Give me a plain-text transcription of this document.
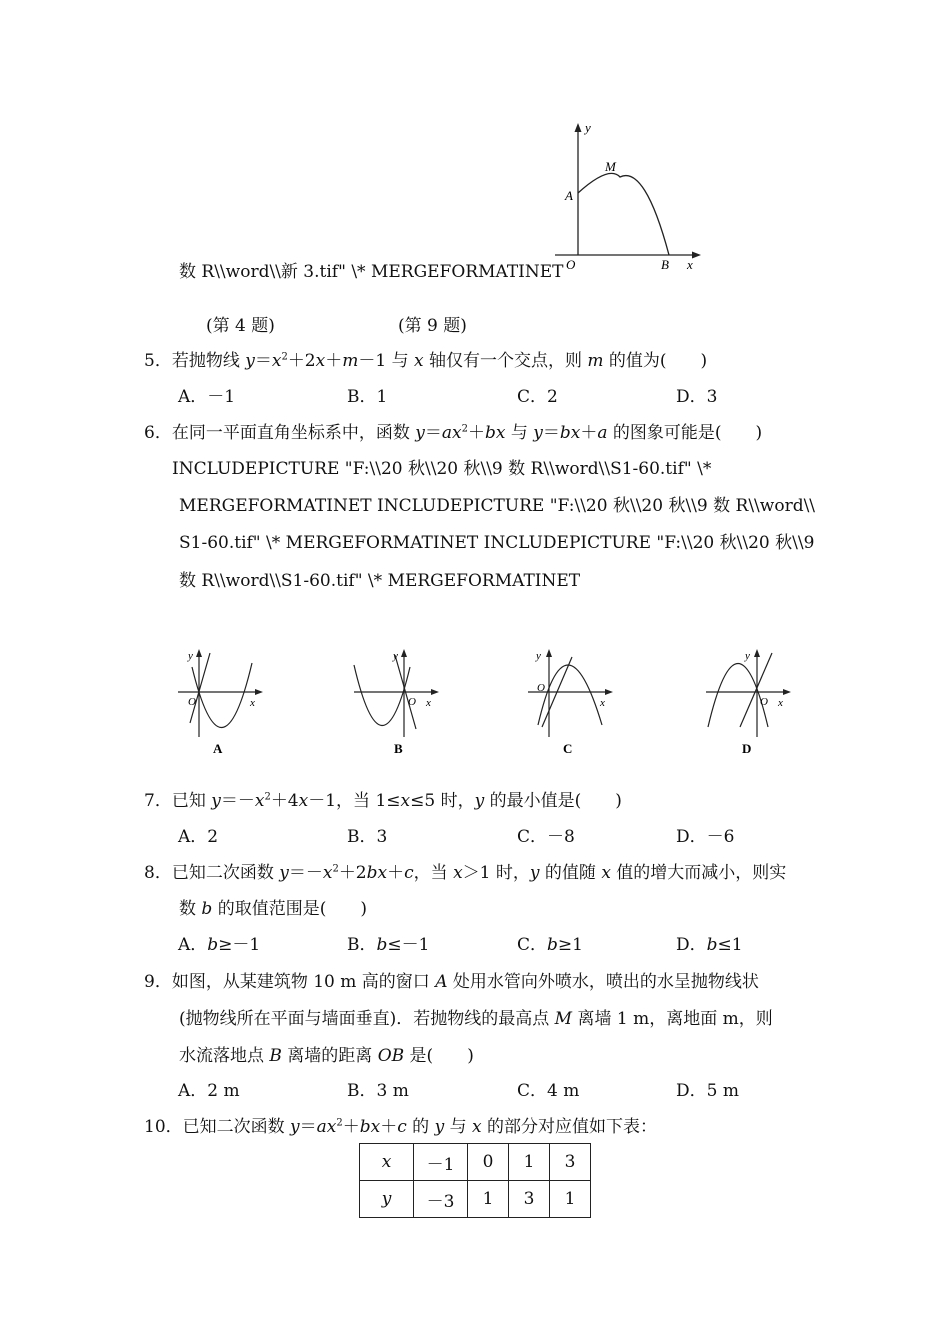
y
M
A
O	B x
数 R\\word\\新 3.tif" \* MERGEFORMATINET
(第 4 题)	(第 9 题)
5．若抛物线 $y=x^2+2x+m-1$ 与 x 轴仅有一个交点，则 m 的值为(　　)
A．－1	B．1	C．2	D．3
6．在同一平面直角坐标系中，函数 $y=ax^2+bx$ 与 y＝bx＋a 的图象可能是(　　)
INCLUDEPICTURE "F:\\20 秋\\20 秋\\9 数 R\\word\\S1-60.tif" \*
MERGEFORMATINET INCLUDEPICTURE "F:\\20 秋\\20 秋\\9 数 R\\word\\
S1-60.tif" \* MERGEFORMATINET INCLUDEPICTURE "F:\\20 秋\\20 秋\\9
数 R\\word\\S1-60.tif" \* MERGEFORMATINET
y
O	x
A
y
O x
B
y
O
x
C
y
O x
D
7．已知 $y=-x^2+4x-1$，当 1≤x≤5 时，y 的最小值是(　　)
A．2	B．3	C．－8	D．－6
8．已知二次函数 $y=-x^2+2bx+c$，当 x＞1 时，y 的值随 x 值的增大而减小，则实
数 b 的取值范围是(　　)
A．b≥－1	B．b≤－1	C．b≥1	D．b≤1
9．如图，从某建筑物 10 m 高的窗口 A 处用水管向外喷水，喷出的水呈抛物线状
(抛物线所在平面与墙面垂直)．若抛物线的最高点 M 离墙 1 m，离地面 m，则
水流落地点 B 离墙的距离 OB 是(　　)
A．2 m	B．3 m	C．4 m	D．5 m
10．已知二次函数 $y=ax^2+bx+c$ 的 y 与 x 的部分对应值如下表：
x	－1	0	1	3
y	－3	1	3	1
